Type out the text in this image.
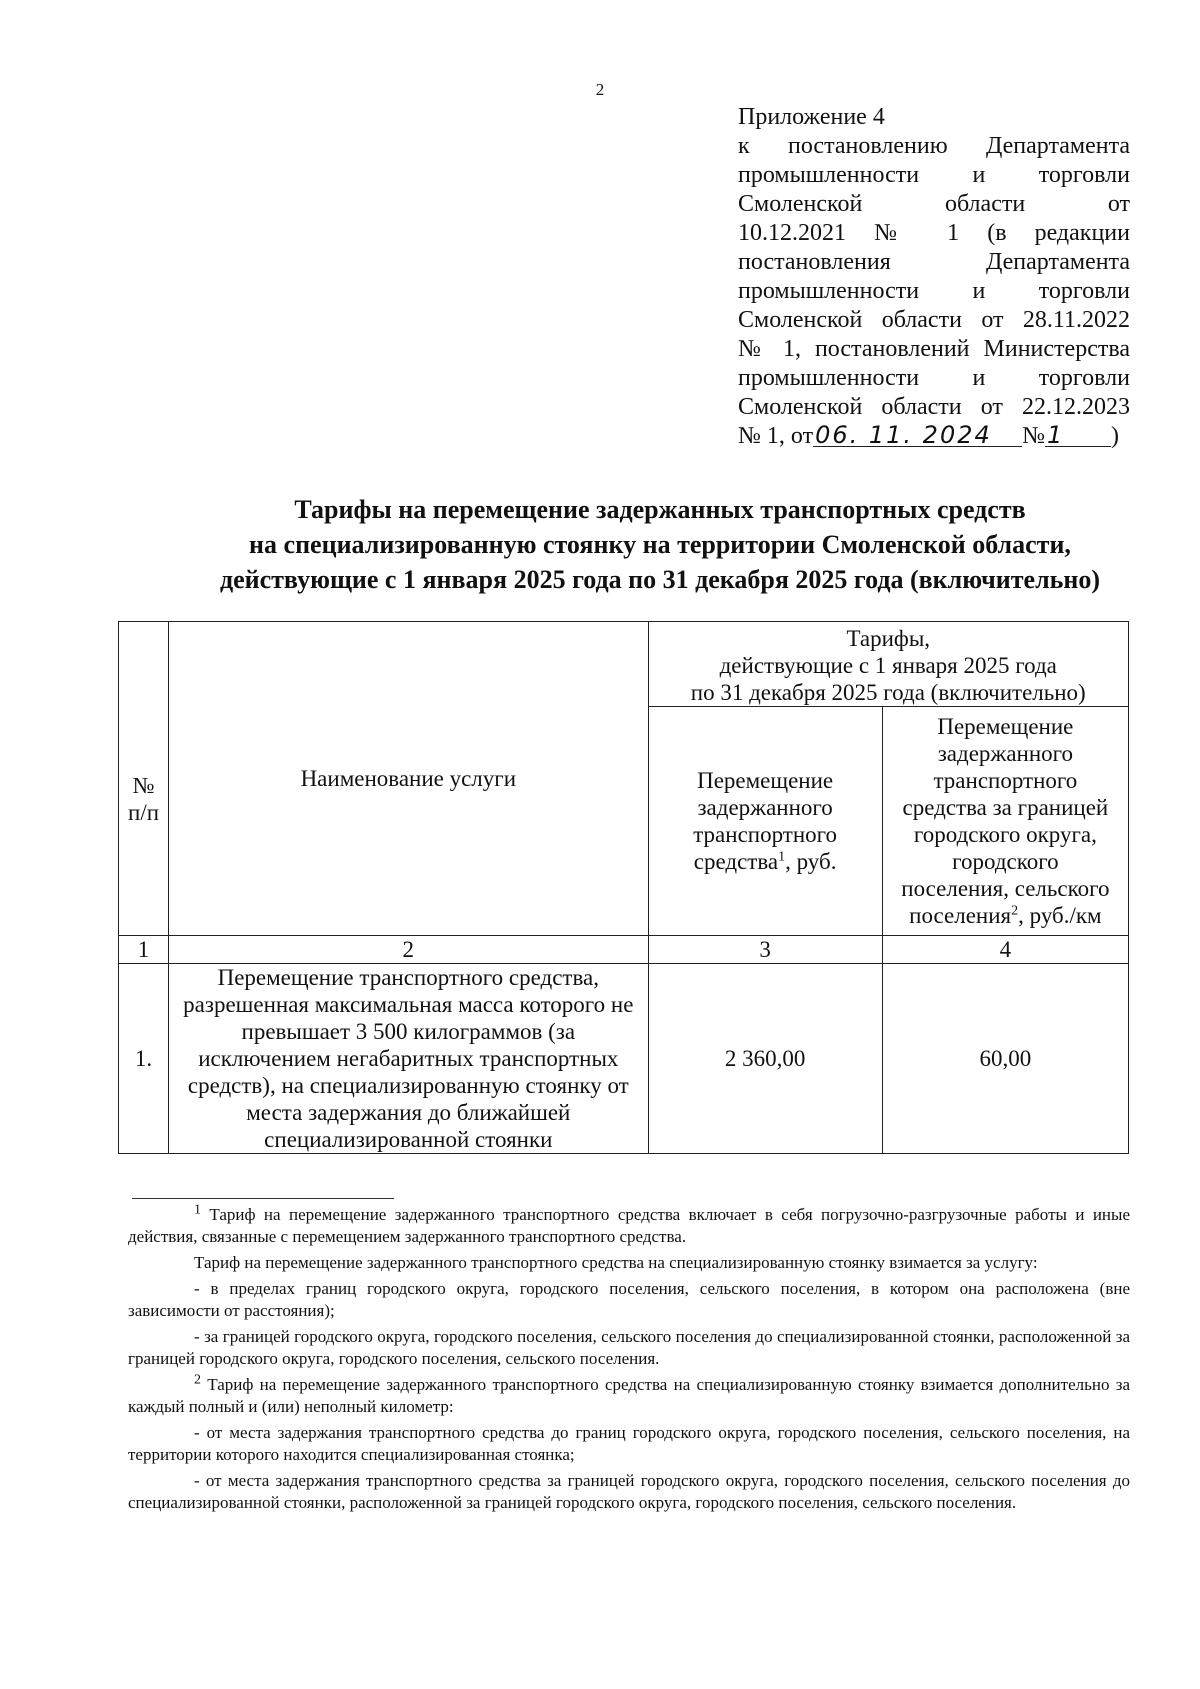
2
Приложение 4
к постановлению Департамента
промышленности и торговли
Смоленской области от
10.12.2021 № 1 (в редакции
постановления Департамента
промышленности и торговли
Смоленской области от 28.11.2022
№ 1, постановлений Министерства
промышленности и торговли
Смоленской области от 22.12.2023
№ 1, от06. 11. 2024 №1 )
Тарифы на перемещение задержанных транспортных средств
на специализированную стоянку на территории Смоленской области,
действующие с 1 января 2025 года по 31 декабря 2025 года (включительно)
№ п/п	Наименование услуги	Тарифы,
действующие с 1 января 2025 года
по 31 декабря 2025 года (включительно)	

		Перемещение задержанного транспортного средства$^1$, руб.	Перемещение задержанного транспортного средства за границей городского округа, городского поселения, сельского поселения$^2$, руб./км
1	2	3	4
1.	Перемещение транспортного средства, разрешенная максимальная масса которого не превышает 3 500 килограммов (за исключением негабаритных транспортных средств), на специализированную стоянку от места задержания до ближайшей специализированной стоянки	2 360,00	60,00

$^1$ Тариф на перемещение задержанного транспортного средства включает в себя погрузочно-разгрузочные работы и иные действия, связанные с перемещением задержанного транспортного средства.

Тариф на перемещение задержанного транспортного средства на специализированную стоянку взимается за услугу:

- в пределах границ городского округа, городского поселения, сельского поселения, в котором она расположена (вне зависимости от расстояния);

- за границей городского округа, городского поселения, сельского поселения до специализированной стоянки, расположенной за границей городского округа, городского поселения, сельского поселения.

$^2$ Тариф на перемещение задержанного транспортного средства на специализированную стоянку взимается дополнительно за каждый полный и (или) неполный километр:

- от места задержания транспортного средства до границ городского округа, городского поселения, сельского поселения, на территории которого находится специализированная стоянка;

- от места задержания транспортного средства за границей городского округа, городского поселения, сельского поселения до специализированной стоянки, расположенной за границей городского округа, городского поселения, сельского поселения.
